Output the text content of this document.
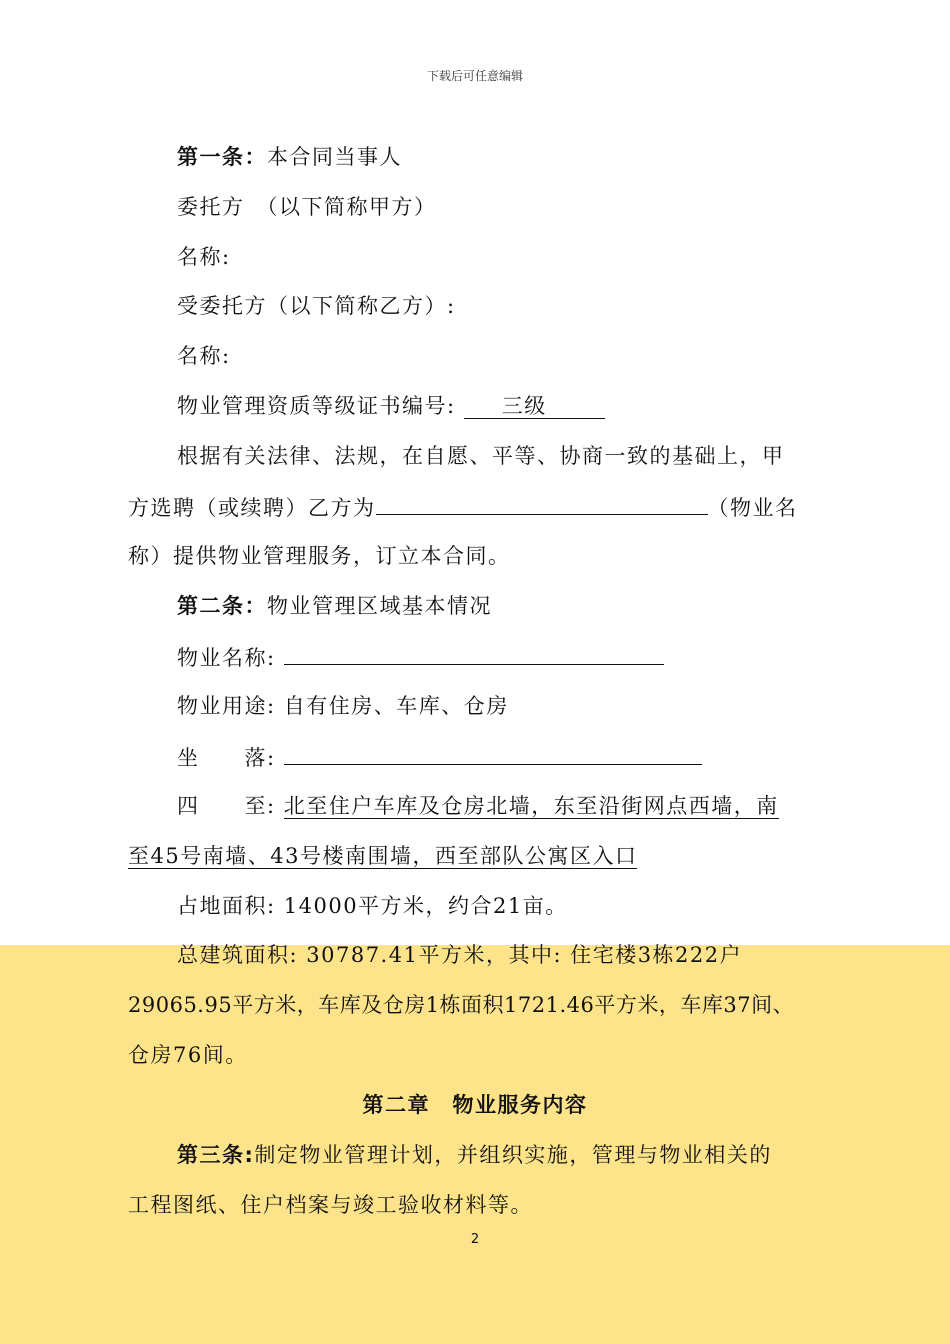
下载后可任意编辑
第一条：本合同当事人
委托方　（以下简称甲方）
名称:
受委托方（以下简称乙方）:
名称:
物业管理资质等级证书编号: 三级
根据有关法律、法规，在自愿、平等、协商一致的基础上，甲
方选聘（或续聘）乙方为	（物业名
称）提供物业管理服务，订立本合同。
第二条：物业管理区域基本情况
物业名称:
物业用途: 自有住房、车库、仓房
坐　　落:
四　　至: 北至住户车库及仓房北墙，东至沿街网点西墙，南
至45号南墙、43号楼南围墙，西至部队公寓区入口
占地面积: 14000平方米，约合21亩。
总建筑面积: 30787.41平方米，其中: 住宅楼3栋222户
29065.95平方米，车库及仓房1栋面积1721.46平方米，车库37间、
仓房76间。
第二章　物业服务内容
第三条:制定物业管理计划，并组织实施，管理与物业相关的
工程图纸、住户档案与竣工验收材料等。
2
